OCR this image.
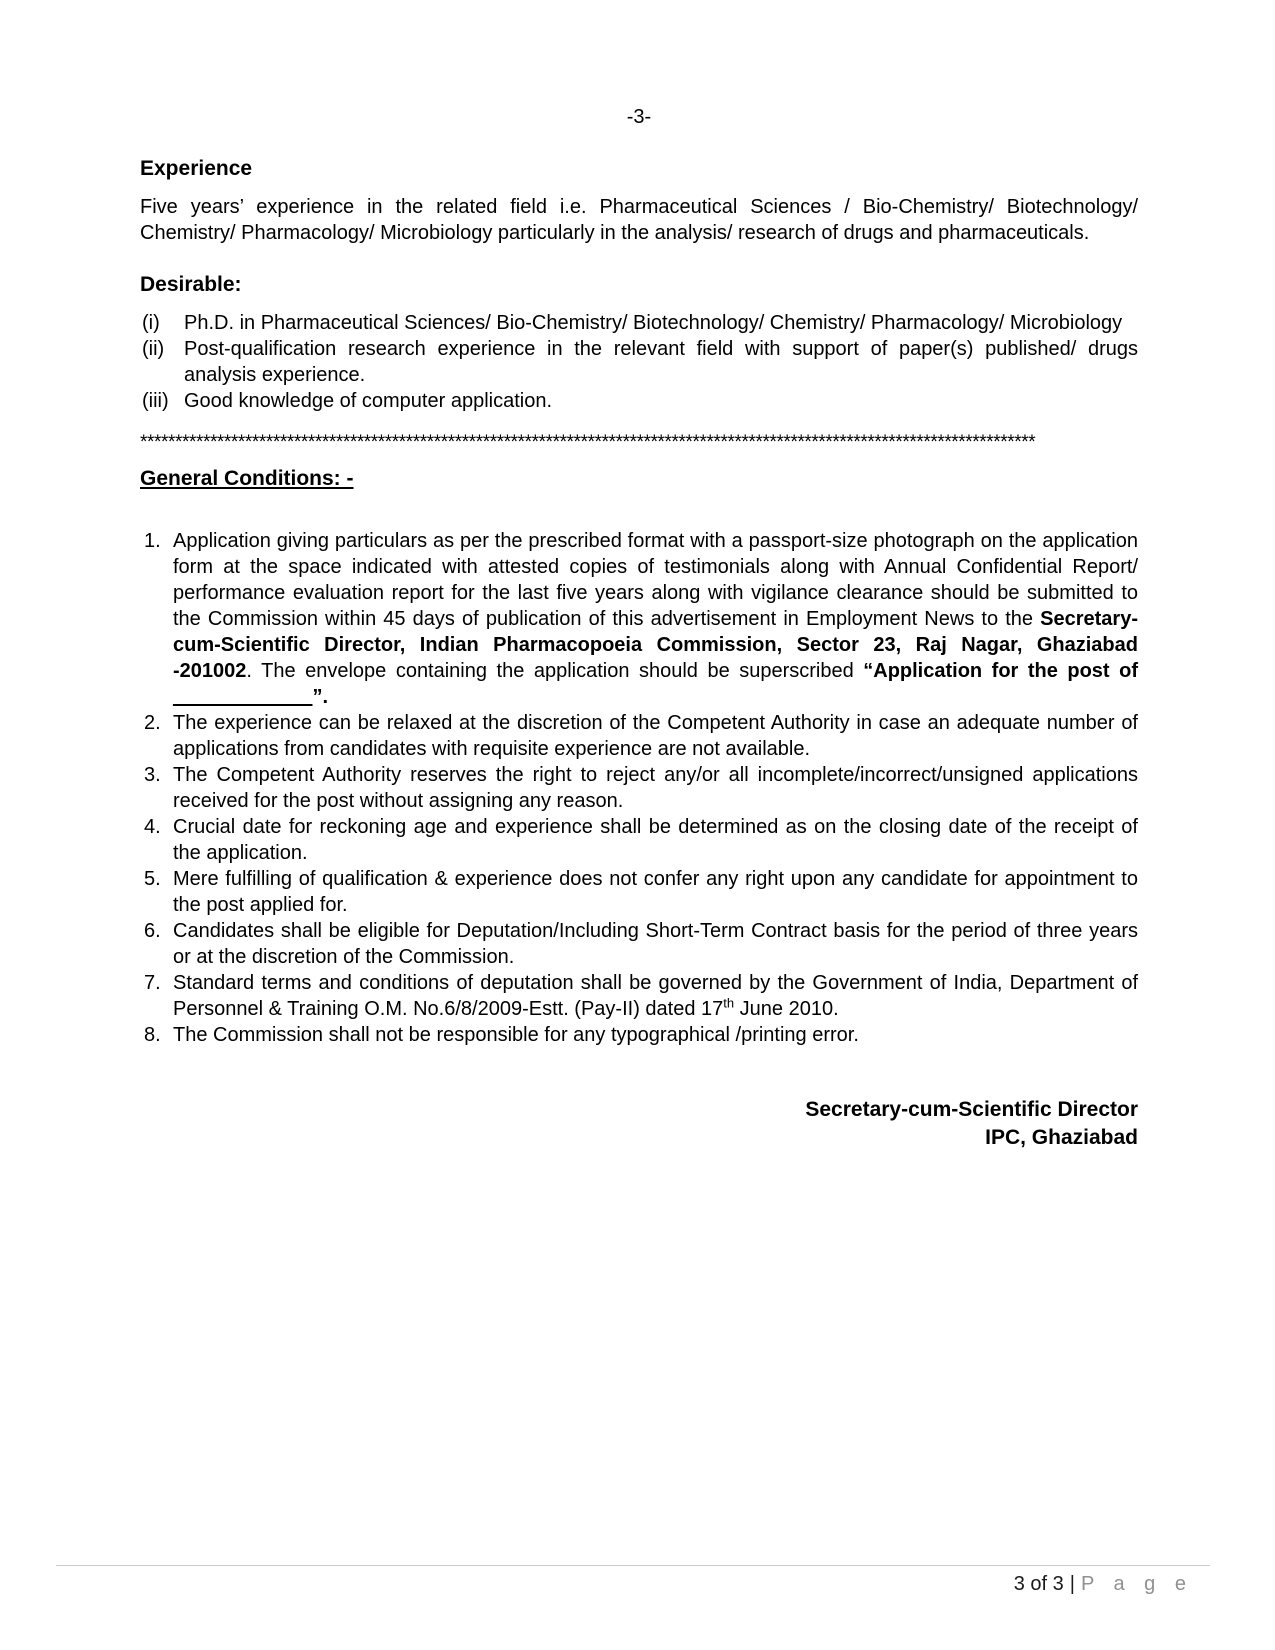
-3-
Experience
Five years’ experience in the related field i.e. Pharmaceutical Sciences / Bio-Chemistry/ Biotechnology/ Chemistry/ Pharmacology/ Microbiology particularly in the analysis/ research of drugs and pharmaceuticals.
Desirable:
(i) Ph.D. in Pharmaceutical Sciences/ Bio-Chemistry/ Biotechnology/ Chemistry/ Pharmacology/ Microbiology
(ii) Post-qualification research experience in the relevant field with support of paper(s) published/ drugs analysis experience.
(iii) Good knowledge of computer application.
********************************************************************************************************************************
General Conditions: -
1. Application giving particulars as per the prescribed format with a passport-size photograph on the application form at the space indicated with attested copies of testimonials along with Annual Confidential Report/ performance evaluation report for the last five years along with vigilance clearance should be submitted to the Commission within 45 days of publication of this advertisement in Employment News to the Secretary-cum-Scientific Director, Indian Pharmacopoeia Commission, Sector 23, Raj Nagar, Ghaziabad -201002. The envelope containing the application should be superscribed “Application for the post of ____________”.
2. The experience can be relaxed at the discretion of the Competent Authority in case an adequate number of applications from candidates with requisite experience are not available.
3. The Competent Authority reserves the right to reject any/or all incomplete/incorrect/unsigned applications received for the post without assigning any reason.
4. Crucial date for reckoning age and experience shall be determined as on the closing date of the receipt of the application.
5. Mere fulfilling of qualification & experience does not confer any right upon any candidate for appointment to the post applied for.
6. Candidates shall be eligible for Deputation/Including Short-Term Contract basis for the period of three years or at the discretion of the Commission.
7. Standard terms and conditions of deputation shall be governed by the Government of India, Department of Personnel & Training O.M. No.6/8/2009-Estt. (Pay-II) dated 17th June 2010.
8. The Commission shall not be responsible for any typographical /printing error.
Secretary-cum-Scientific Director
IPC, Ghaziabad
3 of 3 | P a g e
